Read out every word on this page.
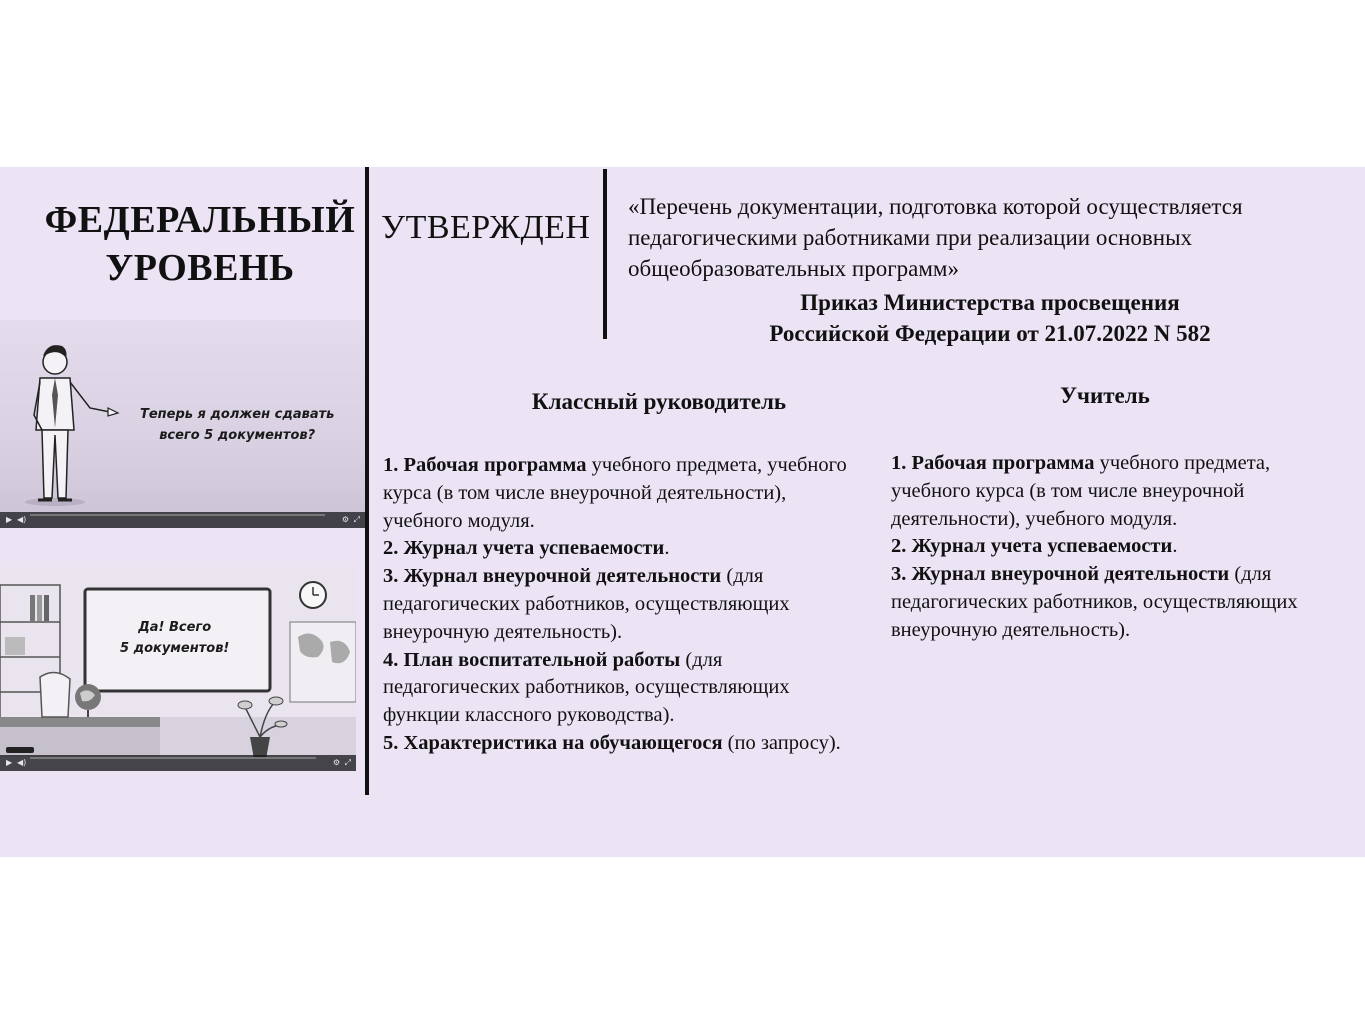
ФЕДЕРАЛЬНЫЙ
УРОВЕНЬ
УТВЕРЖДЕН
«Перечень документации, подготовка которой осуществляется педагогическими работниками при реализации основных общеобразовательных программ»
Приказ Министерства просвещения
Российской Федерации от 21.07.2022 N 582
Теперь я должен сдавать
всего 5 документов?
▶ ◀)	⚙ ⤢
Да! Всего
5 документов!
▶ ◀)	⚙ ⤢
Классный руководитель

1. Рабочая программа учебного предмета, учебного курса (в том числе внеурочной деятельности), учебного модуля.

2. Журнал учета успеваемости.

3. Журнал внеурочной деятельности (для педагогических работников, осуществляющих внеурочную деятельность).

4. План воспитательной работы (для педагогических работников, осуществляющих функции классного руководства).

5. Характеристика на обучающегося (по запросу).

Учитель

1. Рабочая программа учебного предмета, учебного курса (в том числе внеурочной деятельности), учебного модуля.

2. Журнал учета успеваемости.

3. Журнал внеурочной деятельности (для педагогических работников, осуществляющих внеурочную деятельность).
